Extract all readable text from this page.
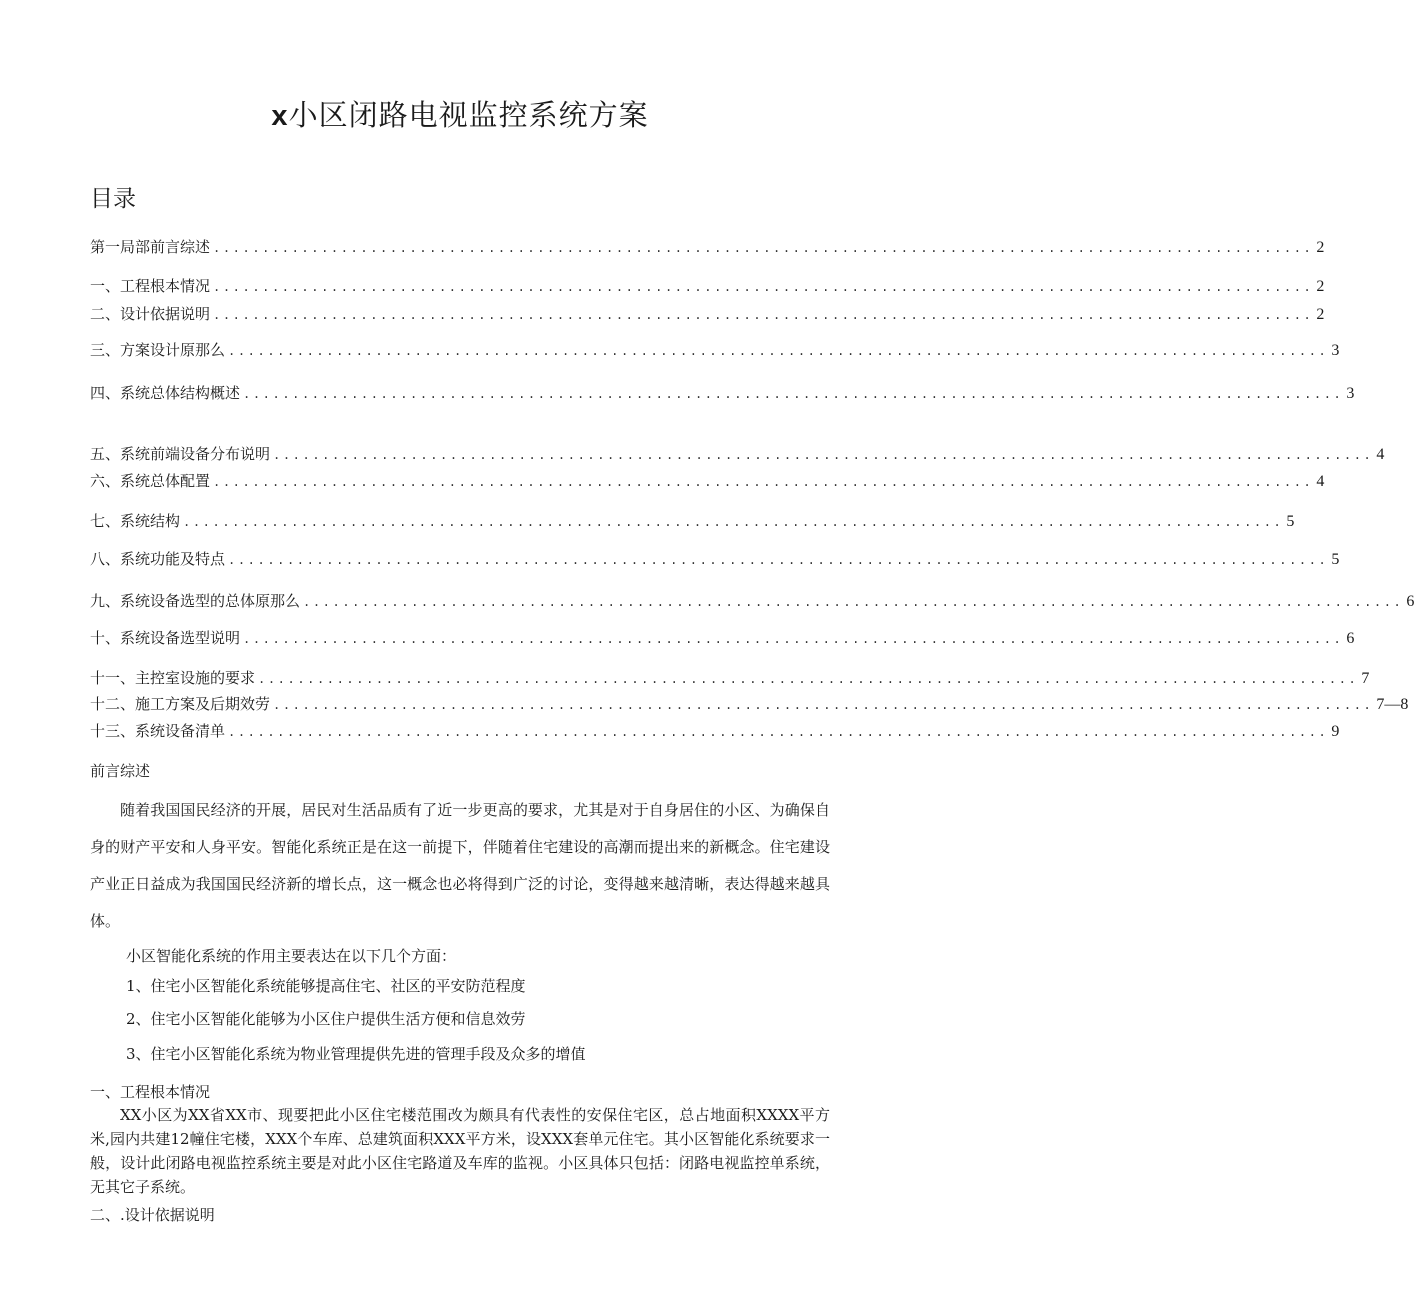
x小区闭路电视监控系统方案
目录
第一局部前言综述 ................................................................................................................ 2
一、工程根本情况 ................................................................................................................ 2
二、设计依据说明 ................................................................................................................ 2
三、方案设计原那么 ................................................................................................................ 3
四、系统总体结构概述 ................................................................................................................ 3
五、系统前端设备分布说明 ................................................................................................................ 4
六、系统总体配置 ................................................................................................................ 4
七、系统结构 ................................................................................................................ 5
八、系统功能及特点 ................................................................................................................ 5
九、系统设备选型的总体原那么 ................................................................................................................ 6
十、系统设备选型说明 ................................................................................................................ 6
十一、主控室设施的要求 ................................................................................................................ 7
十二、施工方案及后期效劳 ................................................................................................................ 7—8
十三、系统设备清单 ................................................................................................................ 9
前言综述

随着我国国民经济的开展，居民对生活品质有了近一步更高的要求，尤其是对于自身居住的小区、为确保自身的财产平安和人身平安。智能化系统正是在这一前提下，伴随着住宅建设的高潮而提出来的新概念。住宅建设产业正日益成为我国国民经济新的增长点，这一概念也必将得到广泛的讨论，变得越来越清晰，表达得越来越具体。

小区智能化系统的作用主要表达在以下几个方面：

1、住宅小区智能化系统能够提高住宅、社区的平安防范程度

2、住宅小区智能化能够为小区住户提供生活方便和信息效劳

3、住宅小区智能化系统为物业管理提供先进的管理手段及众多的增值

一、工程根本情况

XX小区为XX省XX市、现要把此小区住宅楼范围改为颇具有代表性的安保住宅区，总占地面积XXXX平方米,园内共建12幢住宅楼，XXX个车库、总建筑面积XXX平方米，设XXX套单元住宅。其小区智能化系统要求一般，设计此闭路电视监控系统主要是对此小区住宅路道及车库的监视。小区具体只包括：闭路电视监控单系统，无其它子系统。

二、.设计依据说明
